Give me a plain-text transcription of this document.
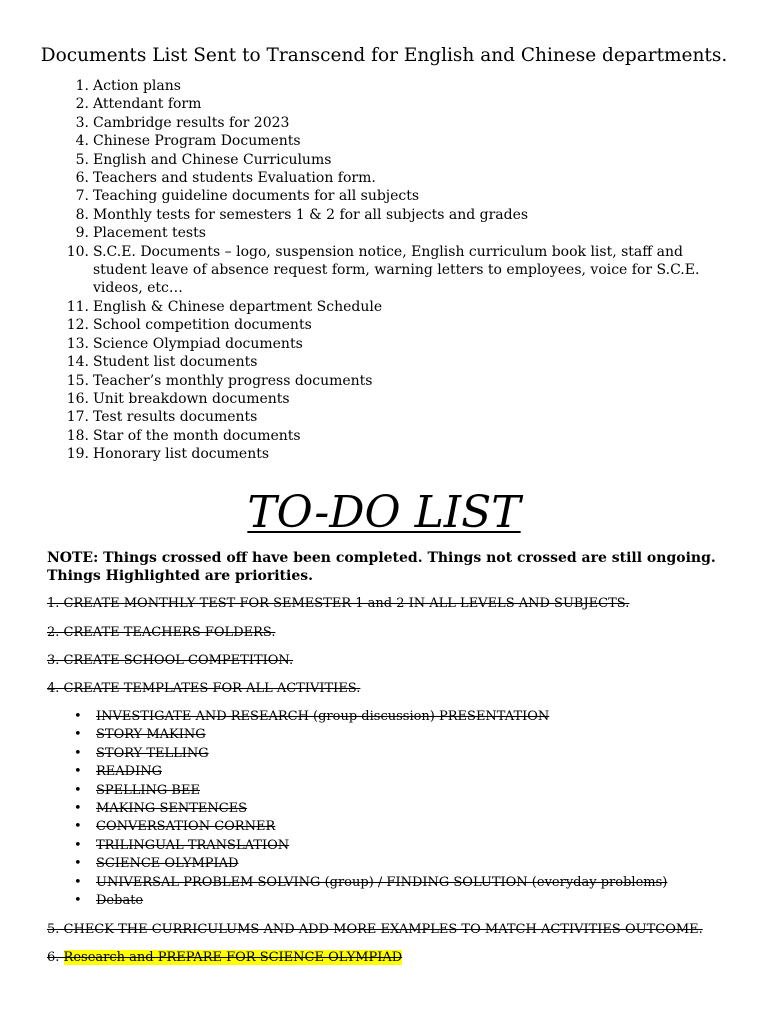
Documents List Sent to Transcend for English and Chinese departments.
1. Action plans
2. Attendant form
3. Cambridge results for 2023
4. Chinese Program Documents
5. English and Chinese Curriculums
6. Teachers and students Evaluation form.
7. Teaching guideline documents for all subjects
8. Monthly tests for semesters 1 & 2 for all subjects and grades
9. Placement tests
10. S.C.E. Documents – logo, suspension notice, English curriculum book list, staff and student leave of absence request form, warning letters to employees, voice for S.C.E. videos, etc…
11. English & Chinese department Schedule
12. School competition documents
13. Science Olympiad documents
14. Student list documents
15. Teacher’s monthly progress documents
16. Unit breakdown documents
17. Test results documents
18. Star of the month documents
19. Honorary list documents
TO-DO LIST

NOTE: Things crossed off have been completed. Things not crossed are still ongoing. Things Highlighted are priorities.

1. CREATE MONTHLY TEST FOR SEMESTER 1 and 2 IN ALL LEVELS AND SUBJECTS.

2. CREATE TEACHERS FOLDERS.

3. CREATE SCHOOL COMPETITION.

4. CREATE TEMPLATES FOR ALL ACTIVITIES.

• INVESTIGATE AND RESEARCH (group discussion) PRESENTATION
• STORY MAKING
• STORY TELLING
• READING
• SPELLING BEE
• MAKING SENTENCES
• CONVERSATION CORNER
• TRILINGUAL TRANSLATION
• SCIENCE OLYMPIAD
• UNIVERSAL PROBLEM SOLVING (group) / FINDING SOLUTION (everyday problems)
• Debate

5. CHECK THE CURRICULUMS AND ADD MORE EXAMPLES TO MATCH ACTIVITIES OUTCOME.

6. Research and PREPARE FOR SCIENCE OLYMPIAD
